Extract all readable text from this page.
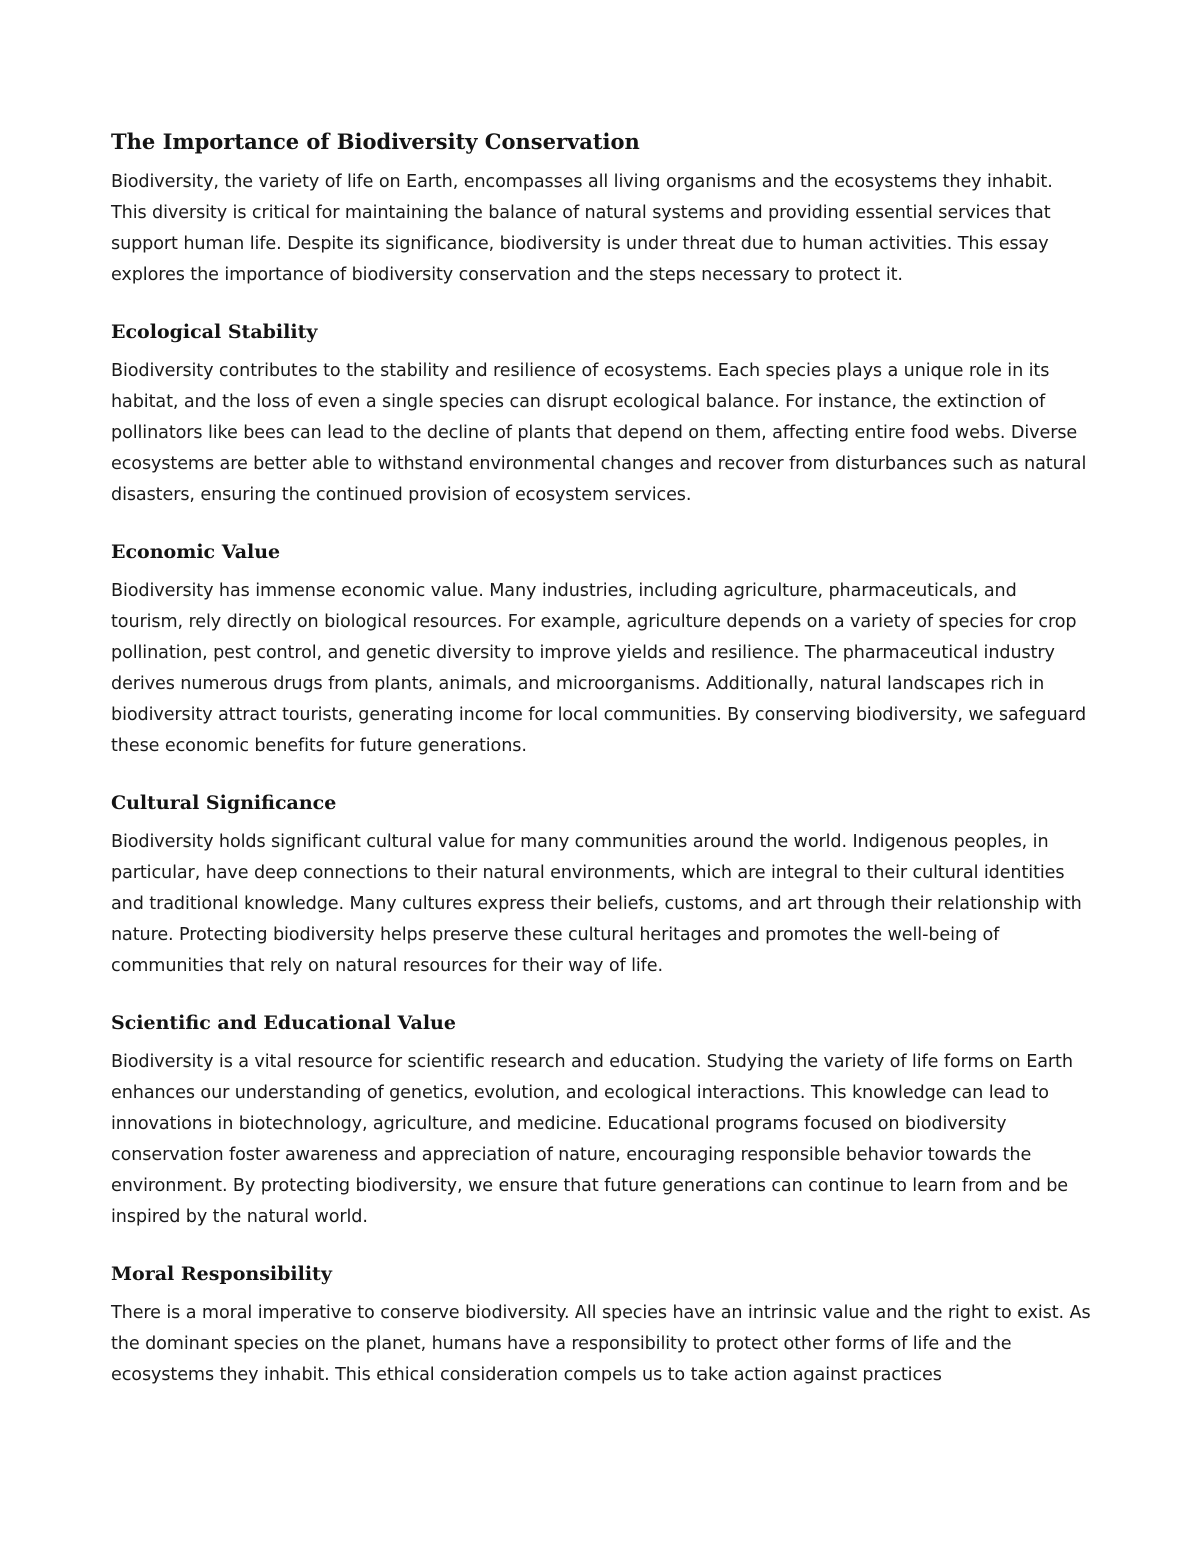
The Importance of Biodiversity Conservation

Biodiversity, the variety of life on Earth, encompasses all living organisms and the ecosystems they inhabit. This diversity is critical for maintaining the balance of natural systems and providing essential services that support human life. Despite its significance, biodiversity is under threat due to human activities. This essay explores the importance of biodiversity conservation and the steps necessary to protect it.

Ecological Stability

Biodiversity contributes to the stability and resilience of ecosystems. Each species plays a unique role in its habitat, and the loss of even a single species can disrupt ecological balance. For instance, the extinction of pollinators like bees can lead to the decline of plants that depend on them, affecting entire food webs. Diverse ecosystems are better able to withstand environmental changes and recover from disturbances such as natural disasters, ensuring the continued provision of ecosystem services.

Economic Value

Biodiversity has immense economic value. Many industries, including agriculture, pharmaceuticals, and tourism, rely directly on biological resources. For example, agriculture depends on a variety of species for crop pollination, pest control, and genetic diversity to improve yields and resilience. The pharmaceutical industry derives numerous drugs from plants, animals, and microorganisms. Additionally, natural landscapes rich in biodiversity attract tourists, generating income for local communities. By conserving biodiversity, we safeguard these economic benefits for future generations.

Cultural Significance

Biodiversity holds significant cultural value for many communities around the world. Indigenous peoples, in particular, have deep connections to their natural environments, which are integral to their cultural identities and traditional knowledge. Many cultures express their beliefs, customs, and art through their relationship with nature. Protecting biodiversity helps preserve these cultural heritages and promotes the well-being of communities that rely on natural resources for their way of life.

Scientific and Educational Value

Biodiversity is a vital resource for scientific research and education. Studying the variety of life forms on Earth enhances our understanding of genetics, evolution, and ecological interactions. This knowledge can lead to innovations in biotechnology, agriculture, and medicine. Educational programs focused on biodiversity conservation foster awareness and appreciation of nature, encouraging responsible behavior towards the environment. By protecting biodiversity, we ensure that future generations can continue to learn from and be inspired by the natural world.

Moral Responsibility

There is a moral imperative to conserve biodiversity. All species have an intrinsic value and the right to exist. As the dominant species on the planet, humans have a responsibility to protect other forms of life and the ecosystems they inhabit. This ethical consideration compels us to take action against practices
